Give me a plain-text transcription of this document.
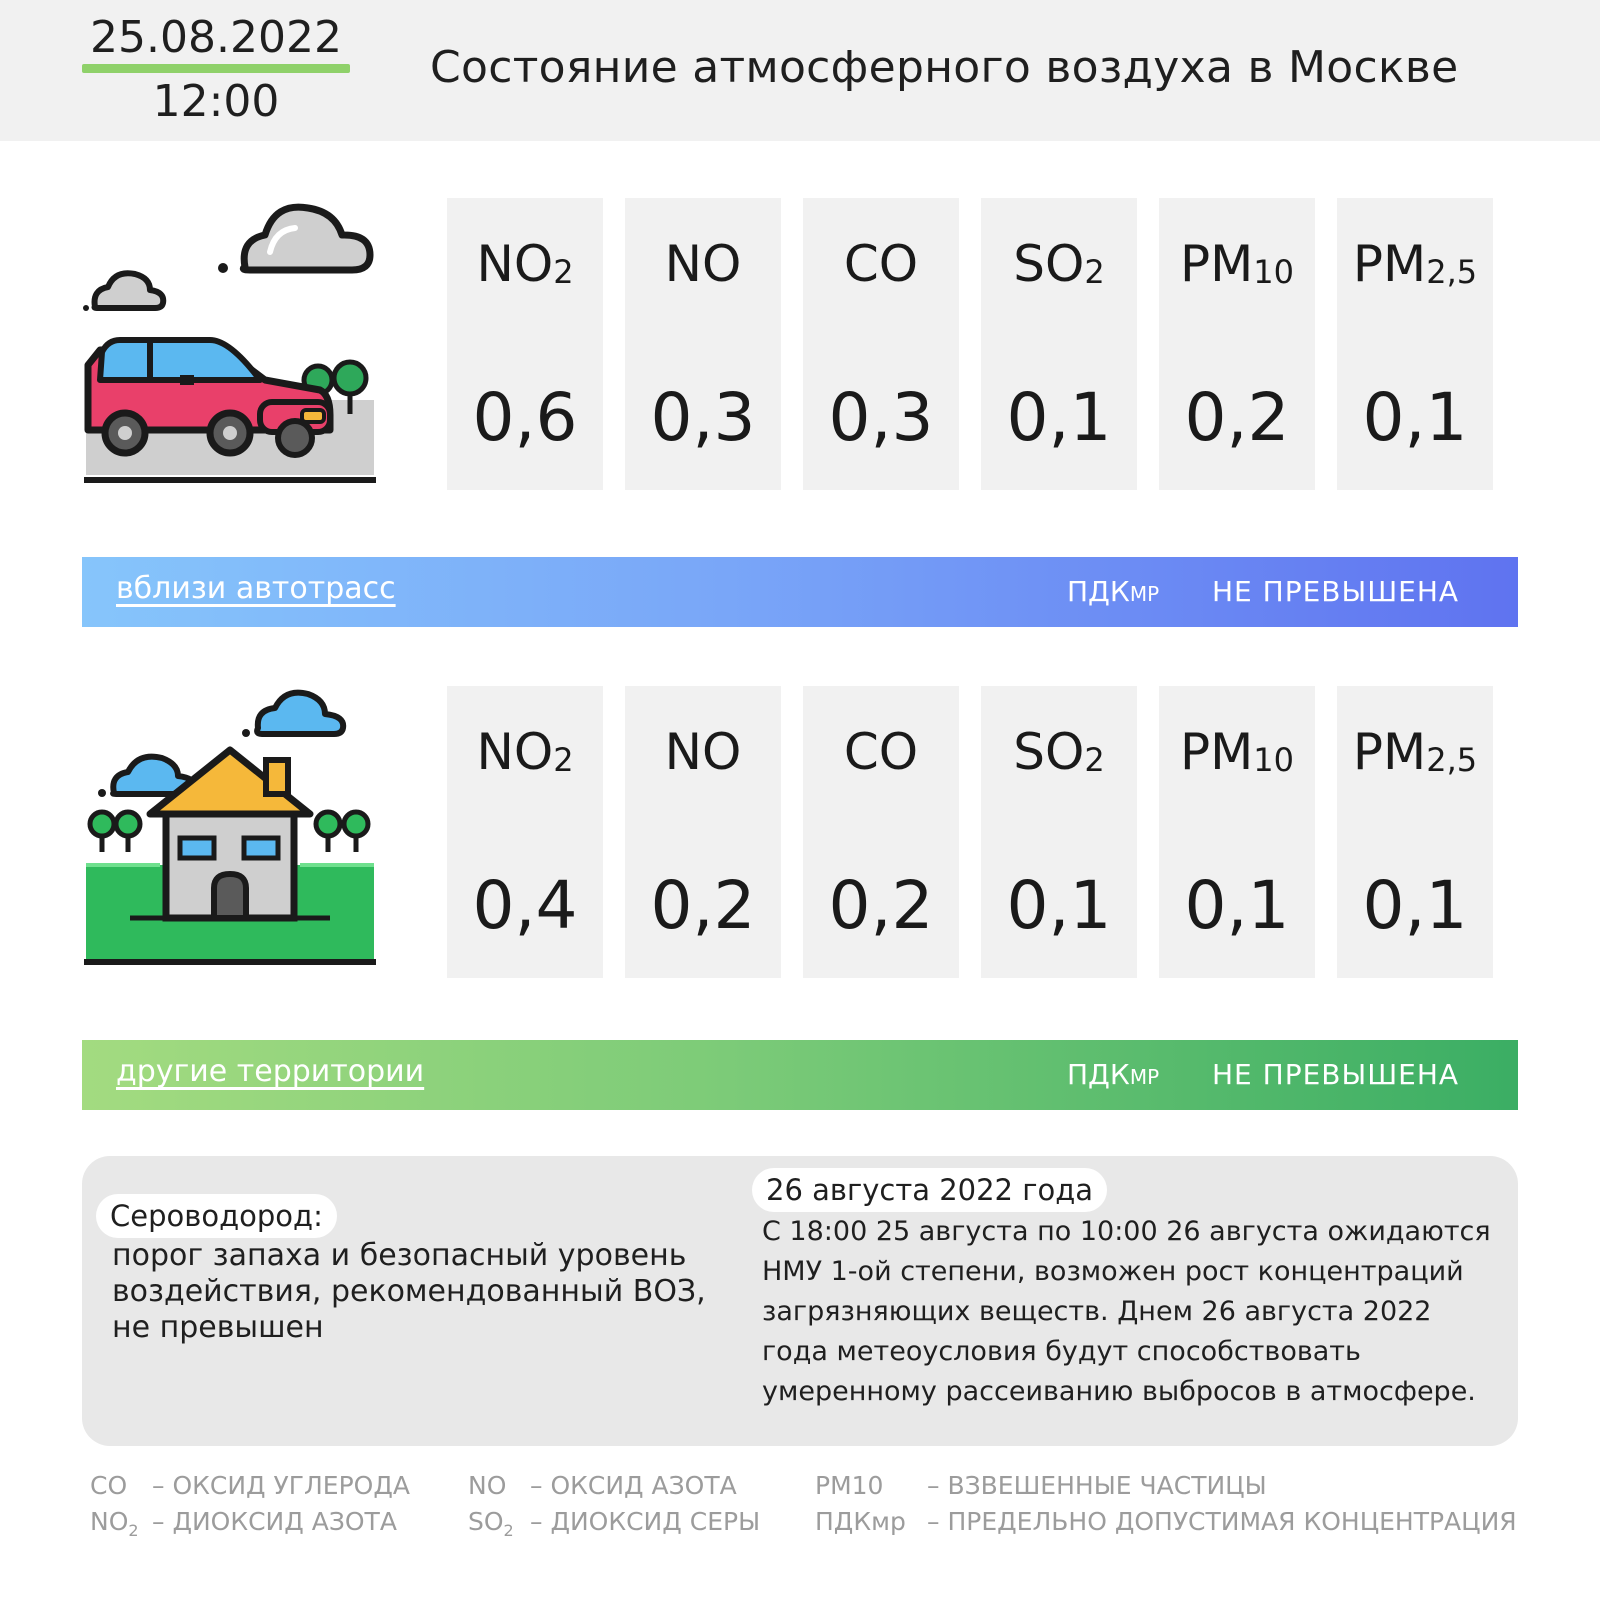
25.08.2022
12:00
Состояние атмосферного воздуха в Москве
$NO_2$
0,6
NO
0,3
CO
0,3
$SO_2$
0,1
$PM_{10}$
0,2
$PM_{2,5}$
0,1
вблизи автотрасс	ПДКМР НЕ ПРЕВЫШЕНА
$NO_2$
0,4
NO
0,2
CO
0,2
$SO_2$
0,1
$PM_{10}$
0,1
$PM_{2,5}$
0,1
другие территории	ПДКМР НЕ ПРЕВЫШЕНА
Сероводород:
порог запаха и безопасный уровень воздействия, рекомендованный ВОЗ, не превышен
26 августа 2022 года
С 18:00 25 августа по 10:00 26 августа ожидаются НМУ 1-ой степени, возможен рост концентраций загрязняющих веществ. Днем 26 августа 2022 года метеоусловия будут способствовать умеренному рассеиванию выбросов в атмосфере.
CO – ОКСИД УГЛЕРОДА
$NO_2$ – ДИОКСИД АЗОТА
NO – ОКСИД АЗОТА
$SO_2$ – ДИОКСИД СЕРЫ
PM10 – ВЗВЕШЕННЫЕ ЧАСТИЦЫ
ПДКмр – ПРЕДЕЛЬНО ДОПУСТИМАЯ КОНЦЕНТРАЦИЯ
